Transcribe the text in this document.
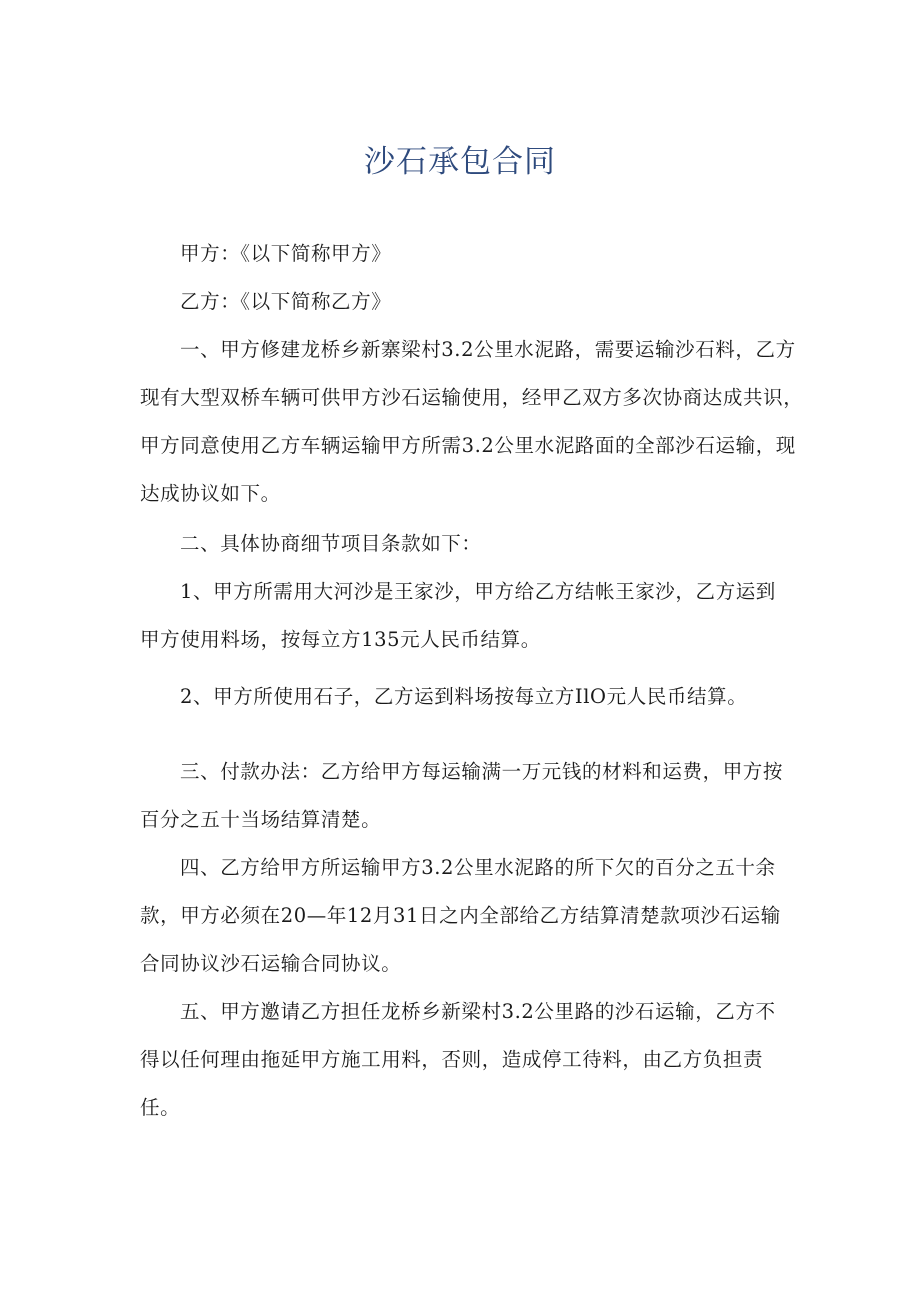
沙石承包合同
甲方：《以下简称甲方》
乙方：《以下简称乙方》
一、甲方修建龙桥乡新寨梁村3.2公里水泥路，需要运输沙石料，乙方
现有大型双桥车辆可供甲方沙石运输使用，经甲乙双方多次协商达成共识，
甲方同意使用乙方车辆运输甲方所需3.2公里水泥路面的全部沙石运输，现
达成协议如下。
二、具体协商细节项目条款如下：
1、甲方所需用大河沙是王家沙，甲方给乙方结帐王家沙，乙方运到
甲方使用料场，按每立方135元人民币结算。
2、甲方所使用石子，乙方运到料场按每立方IlO元人民币结算。
三、付款办法：乙方给甲方每运输满一万元钱的材料和运费，甲方按
百分之五十当场结算清楚。
四、乙方给甲方所运输甲方3.2公里水泥路的所下欠的百分之五十余
款，甲方必须在20—年12月31日之内全部给乙方结算清楚款项沙石运输
合同协议沙石运输合同协议。
五、甲方邀请乙方担任龙桥乡新梁村3.2公里路的沙石运输，乙方不
得以任何理由拖延甲方施工用料，否则，造成停工待料，由乙方负担责
任。
